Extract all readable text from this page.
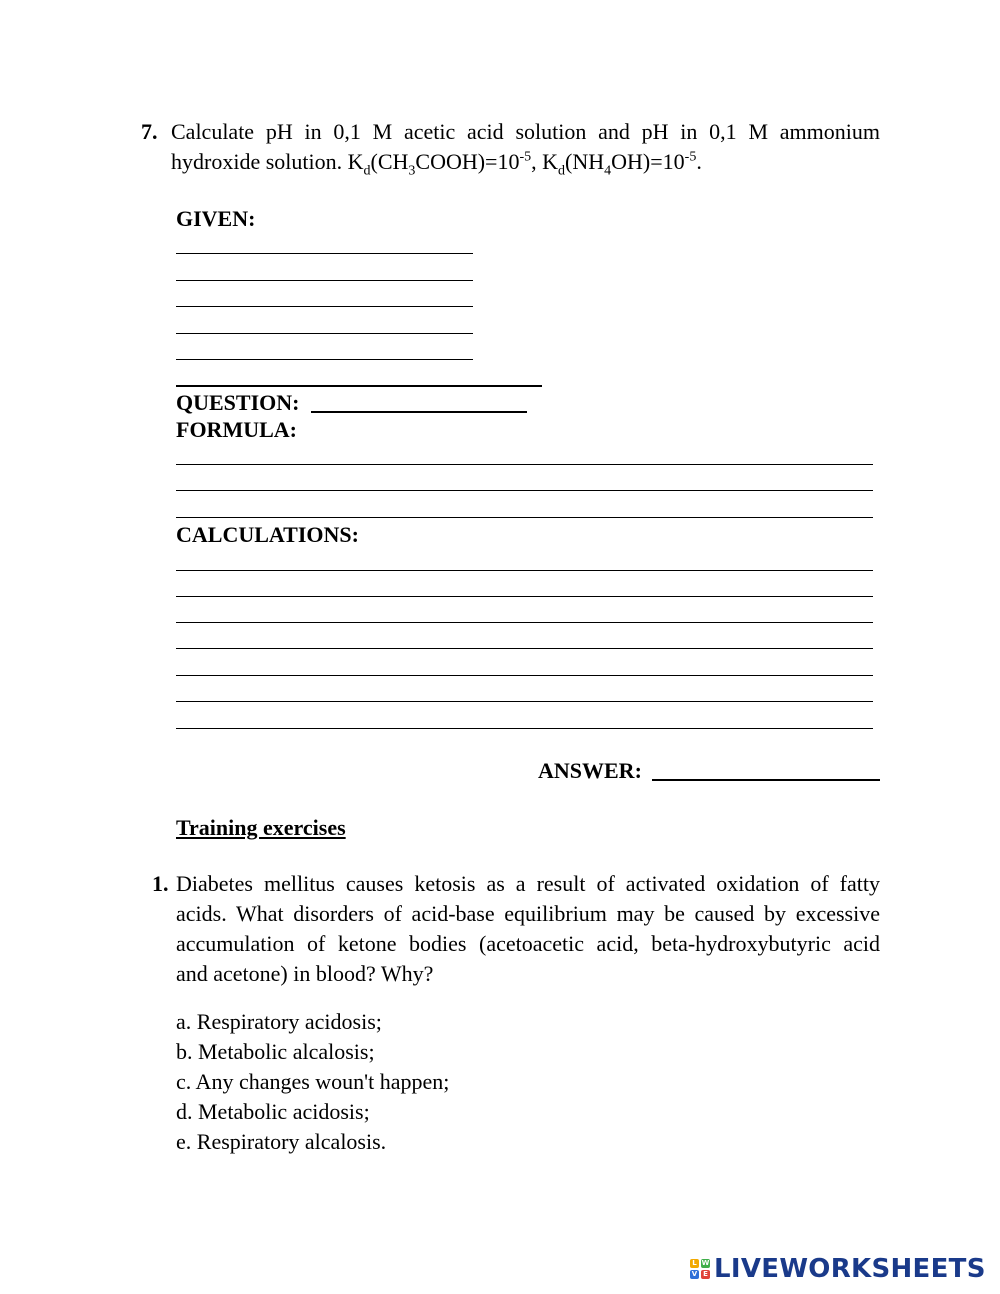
7. Calculate pH in 0,1 M acetic acid solution and pH in 0,1 M ammonium
hydroxide solution. $K_d(CH_3COOH)=10^{-5}$, $K_d(NH_4OH)=10^{-5}$.
GIVEN:
QUESTION:
FORMULA:
CALCULATIONS:
ANSWER:
Training exercises
1. Diabetes mellitus causes ketosis as a result of activated oxidation of fatty
acids. What disorders of acid-base equilibrium may be caused by excessive
accumulation of ketone bodies (acetoacetic acid, beta-hydroxybutyric acid
and acetone) in blood? Why?
a. Respiratory acidosis;
b. Metabolic alcalosis;
c. Any changes woun't happen;
d. Metabolic acidosis;
e. Respiratory alcalosis.
L W
V E LIVEWORKSHEETS
